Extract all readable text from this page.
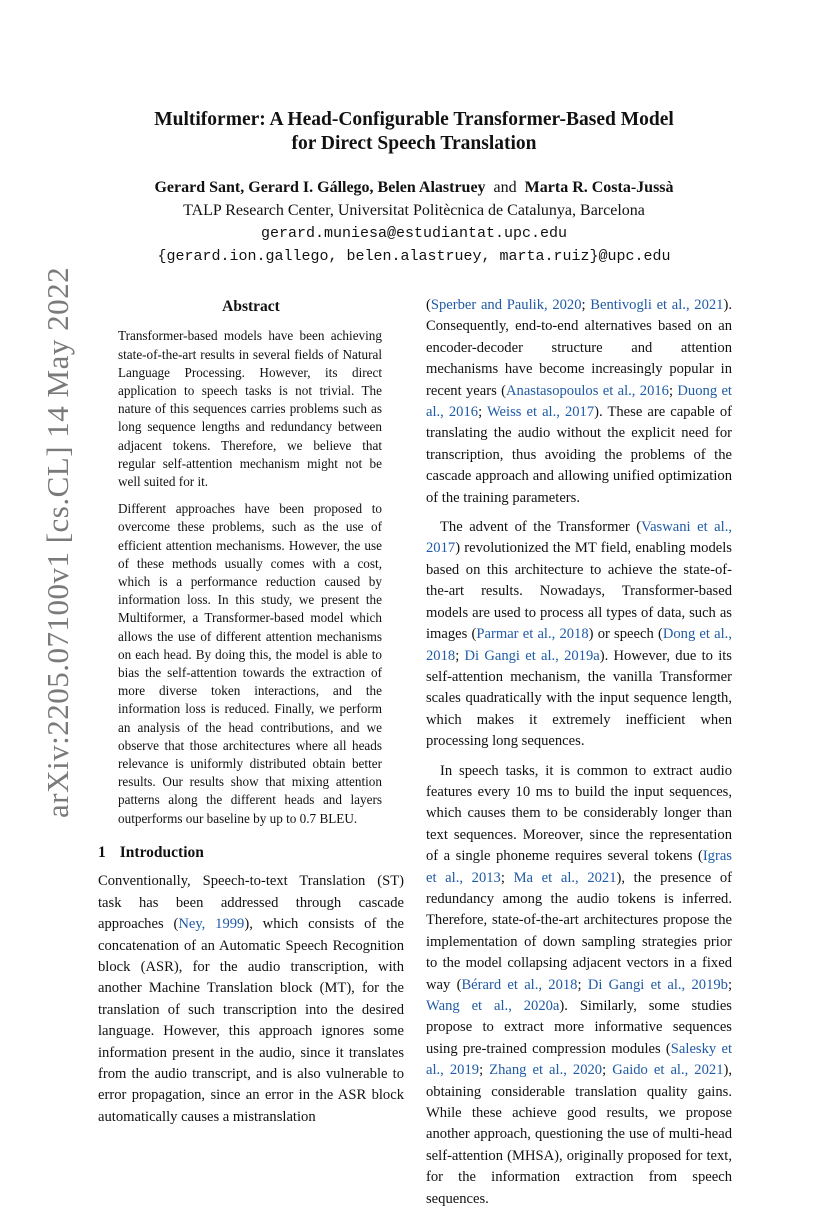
arXiv:2205.07100v1 [cs.CL] 14 May 2022
Multiformer: A Head-Configurable Transformer-Based Model
for Direct Speech Translation
Gerard Sant, Gerard I. Gállego, Belen Alastruey and Marta R. Costa-Jussà
TALP Research Center, Universitat Politècnica de Catalunya, Barcelona
gerard.muniesa@estudiantat.upc.edu
{gerard.ion.gallego, belen.alastruey, marta.ruiz}@upc.edu
Abstract

Transformer-based models have been achieving state-of-the-art results in several fields of Natural Language Processing. However, its direct application to speech tasks is not trivial. The nature of this sequences carries problems such as long sequence lengths and redundancy between adjacent tokens. Therefore, we believe that regular self-attention mechanism might not be well suited for it.

Different approaches have been proposed to overcome these problems, such as the use of efficient attention mechanisms. However, the use of these methods usually comes with a cost, which is a performance reduction caused by information loss. In this study, we present the Multiformer, a Transformer-based model which allows the use of different attention mechanisms on each head. By doing this, the model is able to bias the self-attention towards the extraction of more diverse token interactions, and the information loss is reduced. Finally, we perform an analysis of the head contributions, and we observe that those architectures where all heads relevance is uniformly distributed obtain better results. Our results show that mixing attention patterns along the different heads and layers outperforms our baseline by up to 0.7 BLEU.

1 Introduction

Conventionally, Speech-to-text Translation (ST) task has been addressed through cascade approaches (Ney, 1999), which consists of the concatenation of an Automatic Speech Recognition block (ASR), for the audio transcription, with another Machine Translation block (MT), for the translation of such transcription into the desired language. However, this approach ignores some information present in the audio, since it translates from the audio transcript, and is also vulnerable to error propagation, since an error in the ASR block automatically causes a mistranslation

(Sperber and Paulik, 2020; Bentivogli et al., 2021). Consequently, end-to-end alternatives based on an encoder-decoder structure and attention mechanisms have become increasingly popular in recent years (Anastasopoulos et al., 2016; Duong et al., 2016; Weiss et al., 2017). These are capable of translating the audio without the explicit need for transcription, thus avoiding the problems of the cascade approach and allowing unified optimization of the training parameters.

The advent of the Transformer (Vaswani et al., 2017) revolutionized the MT field, enabling models based on this architecture to achieve the state-of-the-art results. Nowadays, Transformer-based models are used to process all types of data, such as images (Parmar et al., 2018) or speech (Dong et al., 2018; Di Gangi et al., 2019a). However, due to its self-attention mechanism, the vanilla Transformer scales quadratically with the input sequence length, which makes it extremely inefficient when processing long sequences.

In speech tasks, it is common to extract audio features every 10 ms to build the input sequences, which causes them to be considerably longer than text sequences. Moreover, since the representation of a single phoneme requires several tokens (Igras et al., 2013; Ma et al., 2021), the presence of redundancy among the audio tokens is inferred. Therefore, state-of-the-art architectures propose the implementation of down sampling strategies prior to the model collapsing adjacent vectors in a fixed way (Bérard et al., 2018; Di Gangi et al., 2019b; Wang et al., 2020a). Similarly, some studies propose to extract more informative sequences using pre-trained compression modules (Salesky et al., 2019; Zhang et al., 2020; Gaido et al., 2021), obtaining considerable translation quality gains. While these achieve good results, we propose another approach, questioning the use of multi-head self-attention (MHSA), originally proposed for text, for the information extraction from speech sequences.
